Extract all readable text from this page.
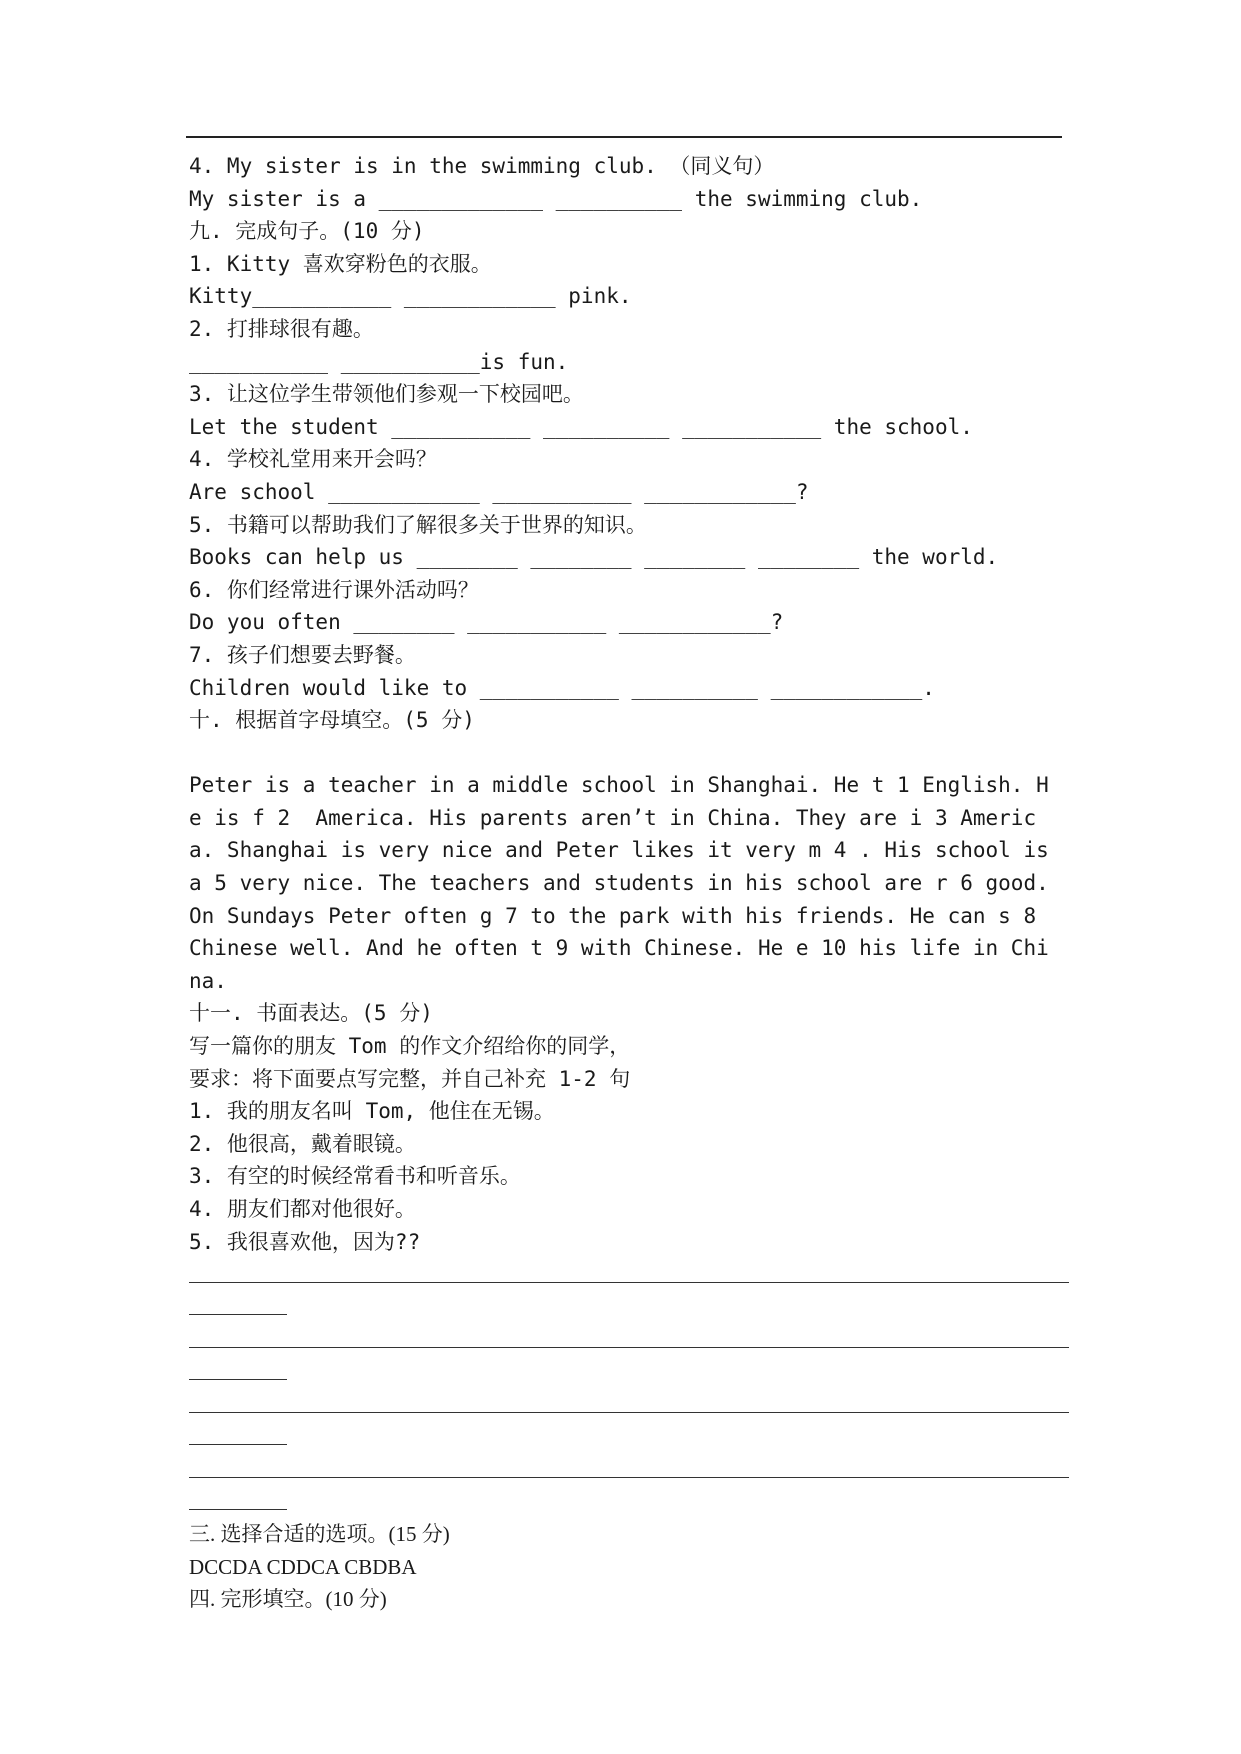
4. My sister is in the swimming club. （同义句）
My sister is a _____________ __________ the swimming club.
九. 完成句子。(10 分)
1. Kitty 喜欢穿粉色的衣服。
Kitty___________ ____________ pink.
2. 打排球很有趣。
___________ ___________is fun.
3. 让这位学生带领他们参观一下校园吧。
Let the student ___________ __________ ___________ the school.
4. 学校礼堂用来开会吗？
Are school ____________ ___________ ____________?
5. 书籍可以帮助我们了解很多关于世界的知识。
Books can help us ________ ________ ________ ________ the world.
6. 你们经常进行课外活动吗？
Do you often ________ ___________ ____________?
7. 孩子们想要去野餐。
Children would like to ___________ __________ ____________.
十. 根据首字母填空。(5 分)
Peter is a teacher in a middle school in Shanghai. He t 1 English. He is f 2  America. His parents aren’t in China. They are i 3 America. Shanghai is very nice and Peter likes it very m 4 . His school is a 5 very nice. The teachers and students in his school are r 6 good. On Sundays Peter often g 7 to the park with his friends. He can s 8 Chinese well. And he often t 9 with Chinese. He e 10 his life in China.
十一. 书面表达。(5 分)
写一篇你的朋友 Tom 的作文介绍给你的同学，
要求：将下面要点写完整，并自己补充 1-2 句
1. 我的朋友名叫 Tom, 他住在无锡。
2. 他很高，戴着眼镜。
3. 有空的时候经常看书和听音乐。
4. 朋友们都对他很好。
5. 我很喜欢他，因为??
三. 选择合适的选项。(15 分)
DCCDA CDDCA CBDBA
四. 完形填空。(10 分)
